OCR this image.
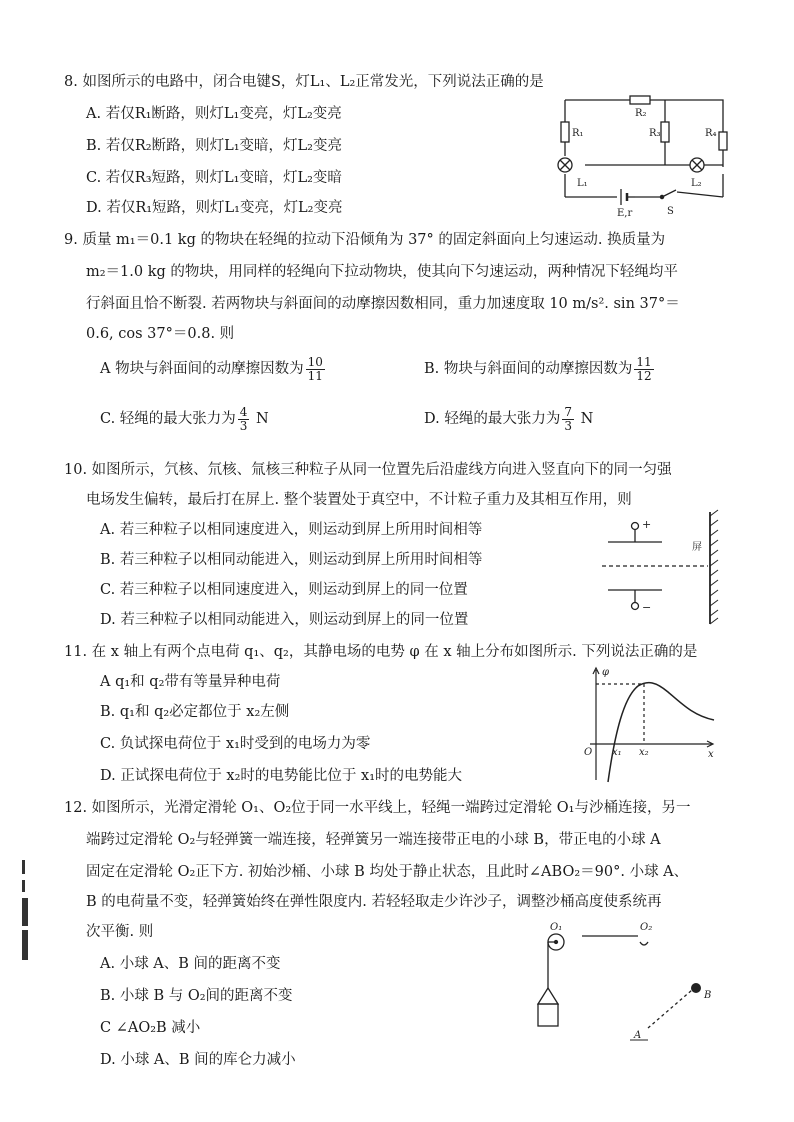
8. 如图所示的电路中，闭合电键S，灯L₁、L₂正常发光，下列说法正确的是
A. 若仅R₁断路，则灯L₁变亮，灯L₂变亮
B. 若仅R₂断路，则灯L₁变暗，灯L₂变亮
C. 若仅R₃短路，则灯L₁变暗，灯L₂变暗
D. 若仅R₁短路，则灯L₁变亮，灯L₂变亮
R₁
R₂
R₃	R₄
L₁	L₂
E,r	S
9. 质量 m₁＝0.1 kg 的物块在轻绳的拉动下沿倾角为 37° 的固定斜面向上匀速运动. 换质量为
m₂＝1.0 kg 的物块，用同样的轻绳向下拉动物块，使其向下匀速运动，两种情况下轻绳均平
行斜面且恰不断裂. 若两物块与斜面间的动摩擦因数相同，重力加速度取 10 m/s². sin 37°＝
0.6, cos 37°＝0.8. 则
A 物块与斜面间的动摩擦因数为 $\frac{10}{11}$	B. 物块与斜面间的动摩擦因数为 $\frac{11}{12}$
C. 轻绳的最大张力为 $\frac{4}{3}$ N	D. 轻绳的最大张力为 $\frac{7}{3}$ N
10. 如图所示，氕核、氘核、氚核三种粒子从同一位置先后沿虚线方向进入竖直向下的同一匀强
电场发生偏转，最后打在屏上. 整个装置处于真空中，不计粒子重力及其相互作用，则
A. 若三种粒子以相同速度进入，则运动到屏上所用时间相等
B. 若三种粒子以相同动能进入，则运动到屏上所用时间相等
C. 若三种粒子以相同速度进入，则运动到屏上的同一位置
D. 若三种粒子以相同动能进入，则运动到屏上的同一位置
+
−
屏
11. 在 x 轴上有两个点电荷 q₁、q₂，其静电场的电势 φ 在 x 轴上分布如图所示. 下列说法正确的是
A q₁和 q₂带有等量异种电荷
B. q₁和 q₂必定都位于 x₂左侧
C. 负试探电荷位于 x₁时受到的电场力为零
D. 正试探电荷位于 x₂时的电势能比位于 x₁时的电势能大
φ
O x₁ x₂	x
12. 如图所示，光滑定滑轮 O₁、O₂位于同一水平线上，轻绳一端跨过定滑轮 O₁与沙桶连接，另一
端跨过定滑轮 O₂与轻弹簧一端连接，轻弹簧另一端连接带正电的小球 B，带正电的小球 A
固定在定滑轮 O₂正下方. 初始沙桶、小球 B 均处于静止状态，且此时∠ABO₂＝90°. 小球 A、
B 的电荷量不变，轻弹簧始终在弹性限度内. 若轻轻取走少许沙子，调整沙桶高度使系统再
次平衡. 则
A. 小球 A、B 间的距离不变
B. 小球 B 与 O₂间的距离不变
C ∠AO₂B 减小
D. 小球 A、B 间的库仑力减小
O₁	O₂
B
A
